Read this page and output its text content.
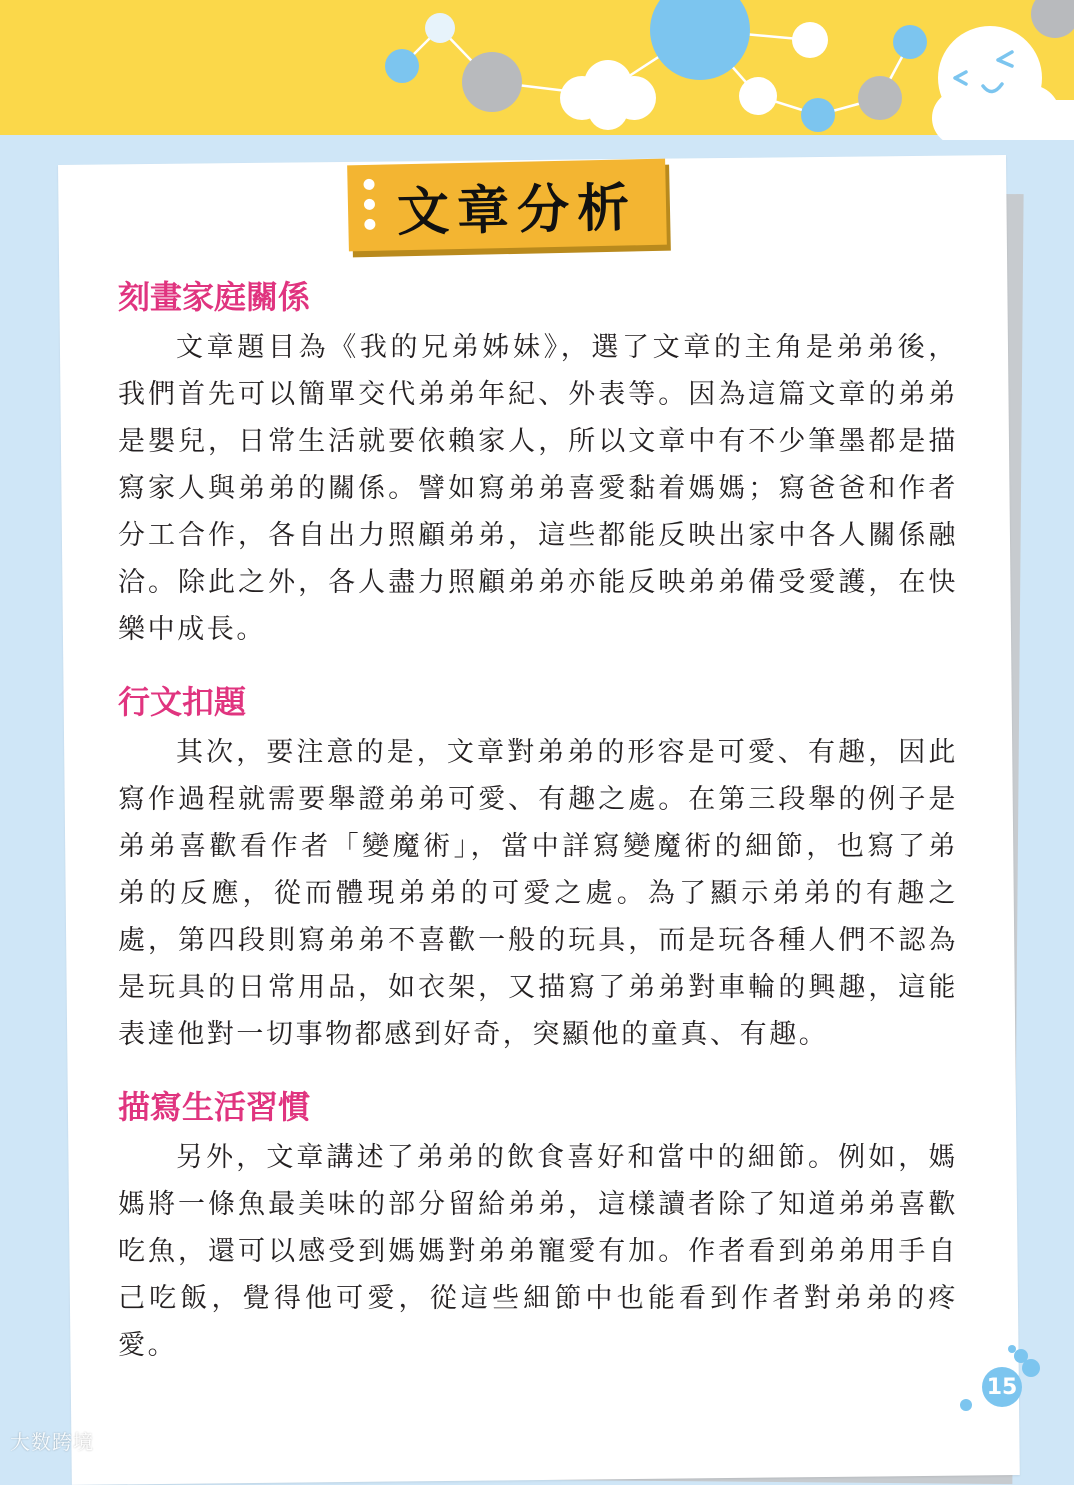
文章分析
刻畫家庭關係

文章題目為《我的兄弟姊妹》，選了文章的主角是弟弟後，我們首先可以簡單交代弟弟年紀、外表等。因為這篇文章的弟弟是嬰兒，日常生活就要依賴家人，所以文章中有不少筆墨都是描寫家人與弟弟的關係。譬如寫弟弟喜愛黏着媽媽；寫爸爸和作者分工合作，各自出力照顧弟弟，這些都能反映出家中各人關係融洽。除此之外，各人盡力照顧弟弟亦能反映弟弟備受愛護，在快樂中成長。

行文扣題

其次，要注意的是，文章對弟弟的形容是可愛、有趣，因此寫作過程就需要舉證弟弟可愛、有趣之處。在第三段舉的例子是弟弟喜歡看作者「變魔術」，當中詳寫變魔術的細節，也寫了弟弟的反應，從而體現弟弟的可愛之處。為了顯示弟弟的有趣之處，第四段則寫弟弟不喜歡一般的玩具，而是玩各種人們不認為是玩具的日常用品，如衣架，又描寫了弟弟對車輪的興趣，這能表達他對一切事物都感到好奇，突顯他的童真、有趣。

描寫生活習慣

另外，文章講述了弟弟的飲食喜好和當中的細節。例如，媽媽將一條魚最美味的部分留給弟弟，這樣讀者除了知道弟弟喜歡吃魚，還可以感受到媽媽對弟弟寵愛有加。作者看到弟弟用手自己吃飯，覺得他可愛，從這些細節中也能看到作者對弟弟的疼愛。

15
大数跨境
